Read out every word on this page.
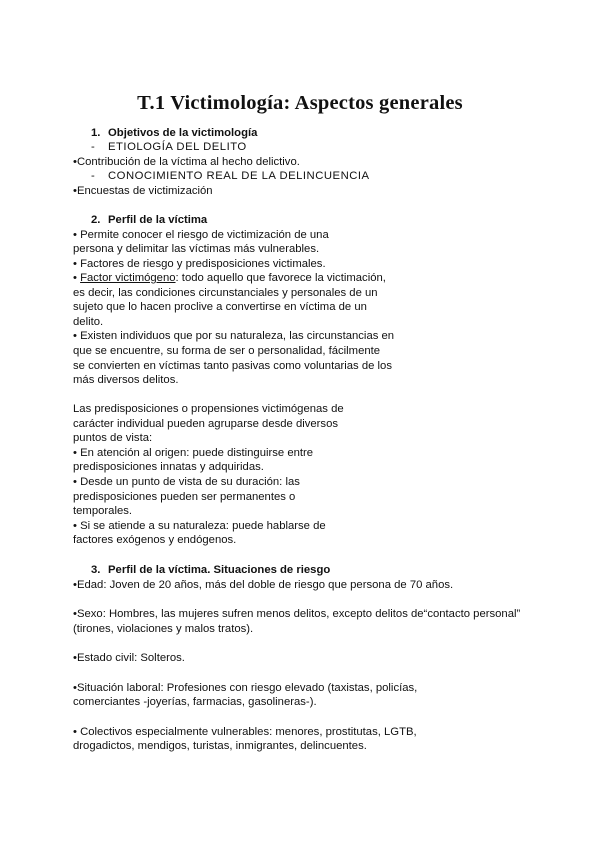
T.1 Victimología: Aspectos generales

1. Objetivos de la victimología

- ETIOLOGÍA DEL DELITO

•Contribución de la víctima al hecho delictivo.

- CONOCIMIENTO REAL DE LA DELINCUENCIA

•Encuestas de victimización

2. Perfil de la víctima

• Permite conocer el riesgo de victimización de una

persona y delimitar las víctimas más vulnerables.

• Factores de riesgo y predisposiciones victimales.

• Factor victimógeno: todo aquello que favorece la victimación,

es decir, las condiciones circunstanciales y personales de un

sujeto que lo hacen proclive a convertirse en víctima de un

delito.

• Existen individuos que por su naturaleza, las circunstancias en

que se encuentre, su forma de ser o personalidad, fácilmente

se convierten en víctimas tanto pasivas como voluntarias de los

más diversos delitos.

Las predisposiciones o propensiones victimógenas de

carácter individual pueden agruparse desde diversos

puntos de vista:

• En atención al origen: puede distinguirse entre

predisposiciones innatas y adquiridas.

• Desde un punto de vista de su duración: las

predisposiciones pueden ser permanentes o

temporales.

• Si se atiende a su naturaleza: puede hablarse de

factores exógenos y endógenos.

3. Perfil de la víctima. Situaciones de riesgo

•Edad: Joven de 20 años, más del doble de riesgo que persona de 70 años.

•Sexo: Hombres, las mujeres sufren menos delitos, excepto delitos de“contacto personal”

(tirones, violaciones y malos tratos).

•Estado civil: Solteros.

•Situación laboral: Profesiones con riesgo elevado (taxistas, policías,

comerciantes -joyerías, farmacias, gasolineras-).

• Colectivos especialmente vulnerables: menores, prostitutas, LGTB,

drogadictos, mendigos, turistas, inmigrantes, delincuentes.
